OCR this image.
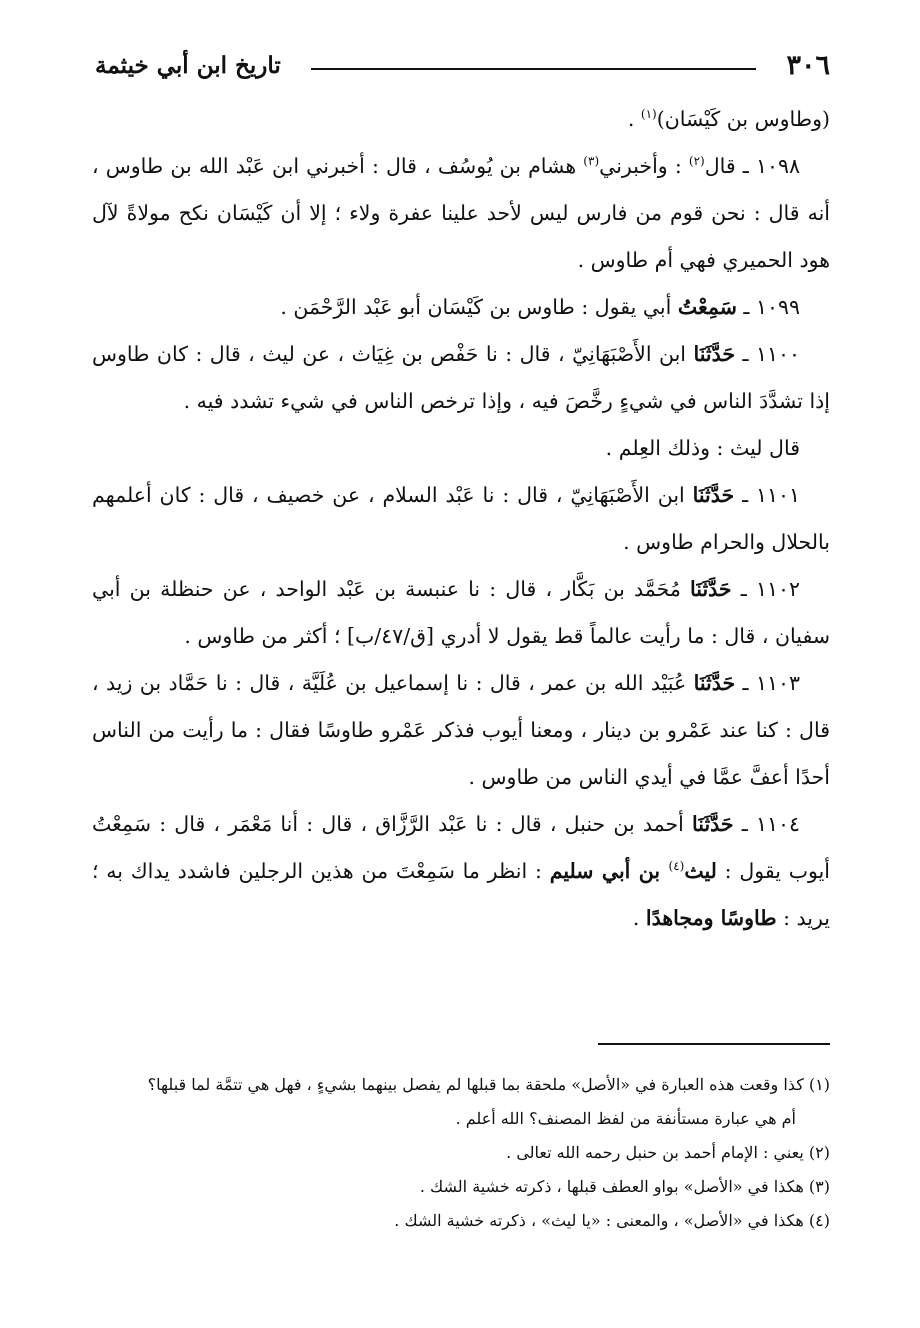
٣٠٦
تاريخ ابن أبي خيثمة

(وطاوس بن كَيْسَان)$^{(١)}$ .

١٠٩٨ ـ قال$^{(٢)}$ : وأخبرني$^{(٣)}$ هشام بن يُوسُف ، قال : أخبرني ابن عَبْد الله بن طاوس ، أنه قال : نحن قوم من فارس ليس لأحد علينا عفرة ولاء ؛ إلا أن كَيْسَان نكح مولاةً لآل هود الحميري فهي أم طاوس .

١٠٩٩ ـ سَمِعْتُ أبي يقول : طاوس بن كَيْسَان أبو عَبْد الرَّحْمَن .

١١٠٠ ـ حَدَّثَنَا ابن الأَصْبَهَانِيّ ، قال : نا حَفْص بن غِيَاث ، عن ليث ، قال : كان طاوس إذا تشدَّدَ الناس في شيءٍ رخَّصَ فيه ، وإذا ترخص الناس في شيء تشدد فيه .

قال ليث : وذلك العِلم .

١١٠١ ـ حَدَّثَنَا ابن الأَصْبَهَانِيّ ، قال : نا عَبْد السلام ، عن خصيف ، قال : كان أعلمهم بالحلال والحرام طاوس .

١١٠٢ ـ حَدَّثَنَا مُحَمَّد بن بَكَّار ، قال : نا عنبسة بن عَبْد الواحد ، عن حنظلة بن أبي سفيان ، قال : ما رأيت عالماً قط يقول لا أدري [ق/٤٧/ب] ؛ أكثر من طاوس .

١١٠٣ ـ حَدَّثَنَا عُبَيْد الله بن عمر ، قال : نا إسماعيل بن عُلَيَّة ، قال : نا حَمَّاد بن زيد ، قال : كنا عند عَمْرو بن دينار ، ومعنا أيوب فذكر عَمْرو طاوسًا فقال : ما رأيت من الناس أحدًا أعفَّ عمَّا في أيدي الناس من طاوس .

١١٠٤ ـ حَدَّثَنَا أحمد بن حنبل ، قال : نا عَبْد الرَّزَّاق ، قال : أنا مَعْمَر ، قال : سَمِعْتُ أيوب يقول : ليث$^{(٤)}$ بن أبي سليم : انظر ما سَمِعْتَ من هذين الرجلين فاشدد يداك به ؛ يريد : طاوسًا ومجاهدًا .

(١) كذا وقعت هذه العبارة في «الأصل» ملحقة بما قبلها لم يفصل بينهما بشيءٍ ، فهل هي تتمَّة لما قبلها؟

أم هي عبارة مستأنفة من لفظ المصنف؟ الله أعلم .

(٢) يعني : الإمام أحمد بن حنبل رحمه الله تعالى .

(٣) هكذا في «الأصل» بواو العطف قبلها ، ذكرته خشية الشك .

(٤) هكذا في «الأصل» ، والمعنى : «يا ليث» ، ذكرته خشية الشك .
